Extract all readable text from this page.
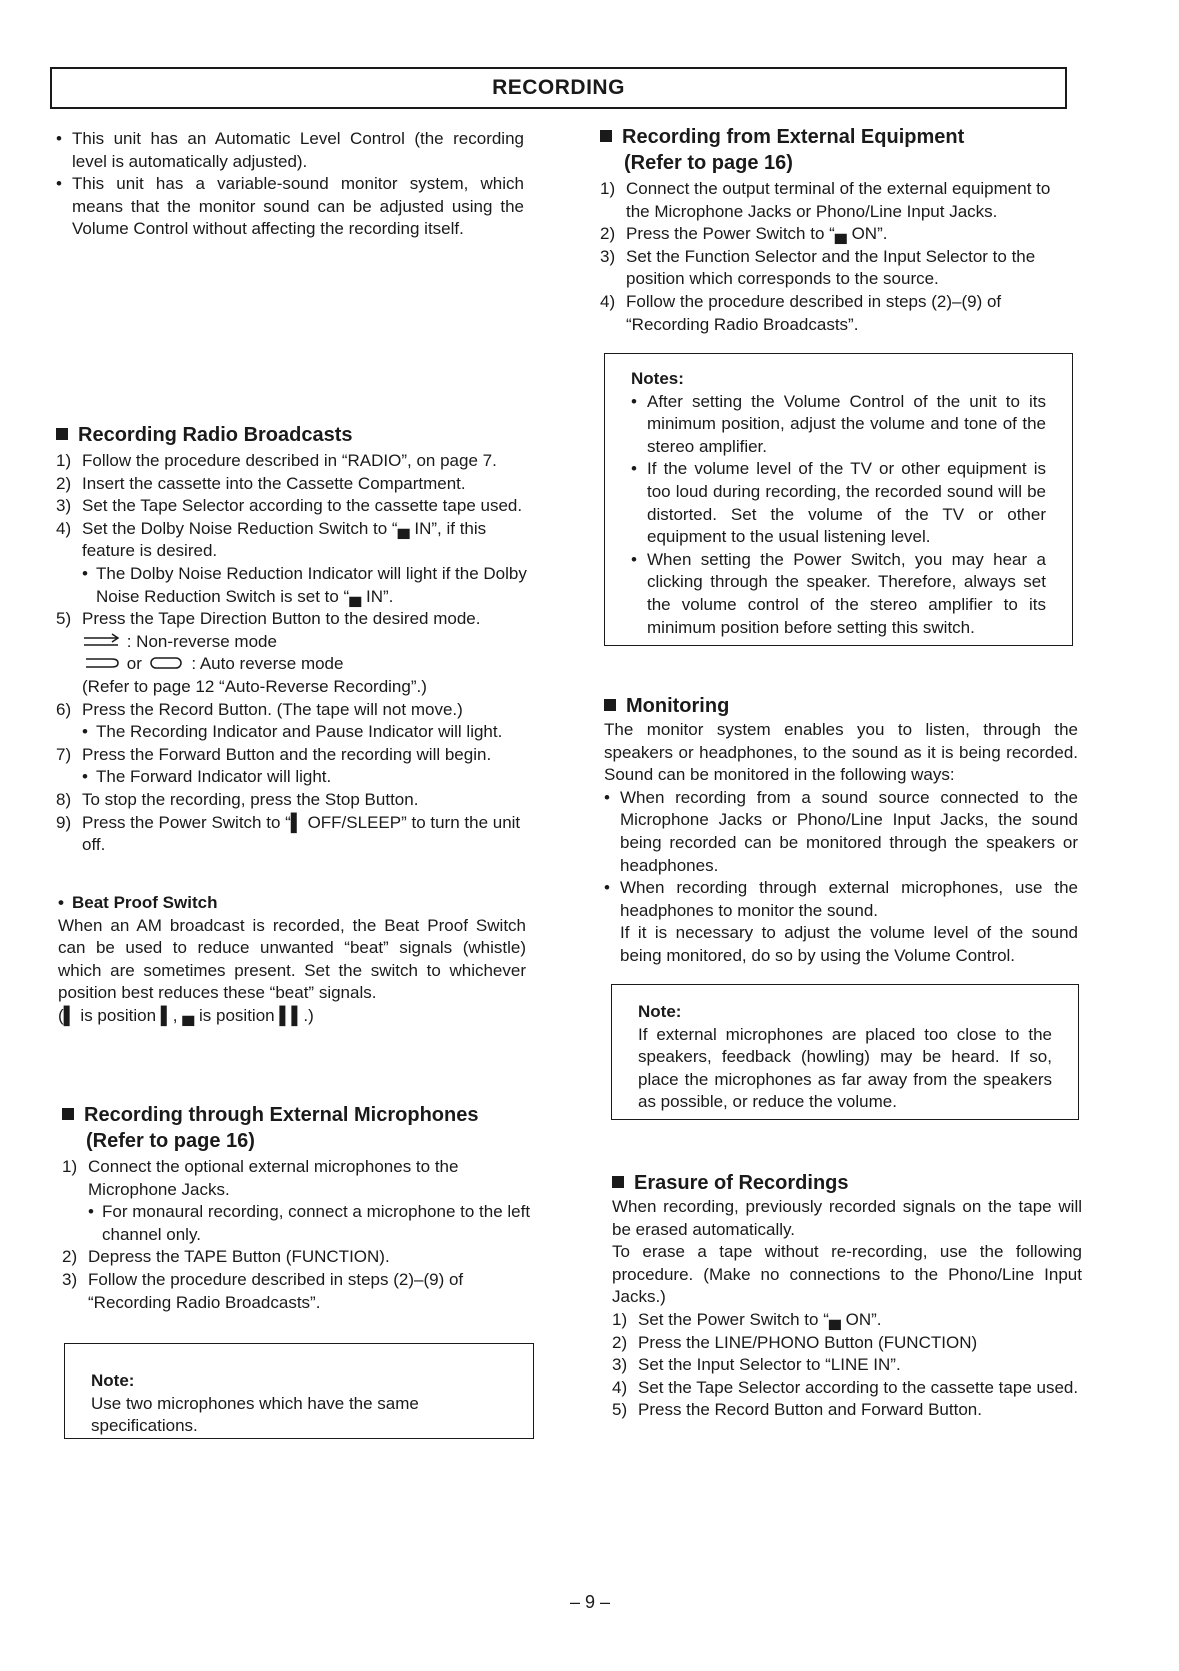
RECORDING
• This unit has an Automatic Level Control (the recording level is automatically adjusted).
• This unit has a variable-sound monitor system, which means that the monitor sound can be adjusted using the Volume Control without affecting the recording itself.

Recording Radio Broadcasts

1) Follow the procedure described in “RADIO”, on page 7.
2) Insert the cassette into the Cassette Compartment.
3) Set the Tape Selector according to the cassette tape used.
4) Set the Dolby Noise Reduction Switch to “▄ IN”, if this feature is desired.
• The Dolby Noise Reduction Indicator will light if the Dolby Noise Reduction Switch is set to “▄ IN”.
5) Press the Tape Direction Button to the desired mode.
: Non-reverse mode
or	: Auto reverse mode
(Refer to page 12 “Auto-Reverse Recording”.)
6) Press the Record Button. (The tape will not move.)
• The Recording Indicator and Pause Indicator will light.
7) Press the Forward Button and the recording will begin.
• The Forward Indicator will light.
8) To stop the recording, press the Stop Button.
9) Press the Power Switch to “▌ OFF/SLEEP” to turn the unit off.
• Beat Proof Switch

When an AM broadcast is recorded, the Beat Proof Switch can be used to reduce unwanted “beat” signals (whistle) which are sometimes present. Set the switch to whichever position best reduces these “beat” signals.

(▌ is position ▌, ▄ is position ▌▌.)

Recording through External Microphones
(Refer to page 16)

1) Connect the optional external microphones to the Microphone Jacks.
• For monaural recording, connect a microphone to the left channel only.
2) Depress the TAPE Button (FUNCTION).
3) Follow the procedure described in steps (2)–(9) of “Recording Radio Broadcasts”.
Note:
Use two microphones which have the same specifications.

Recording from External Equipment
(Refer to page 16)

1) Connect the output terminal of the external equipment to the Microphone Jacks or Phono/Line Input Jacks.
2) Press the Power Switch to “▄ ON”.
3) Set the Function Selector and the Input Selector to the position which corresponds to the source.
4) Follow the procedure described in steps (2)–(9) of “Recording Radio Broadcasts”.
Notes:
• After setting the Volume Control of the unit to its minimum position, adjust the volume and tone of the stereo amplifier.
• If the volume level of the TV or other equipment is too loud during recording, the recorded sound will be distorted. Set the volume of the TV or other equipment to the usual listening level.
• When setting the Power Switch, you may hear a clicking through the speaker. Therefore, always set the volume control of the stereo amplifier to its minimum position before setting this switch.

Monitoring

The monitor system enables you to listen, through the speakers or headphones, to the sound as it is being recorded. Sound can be monitored in the following ways:

• When recording from a sound source connected to the Microphone Jacks or Phono/Line Input Jacks, the sound being recorded can be monitored through the speakers or headphones.
• When recording through external microphones, use the headphones to monitor the sound.

If it is necessary to adjust the volume level of the sound being monitored, do so by using the Volume Control.

Note:
If external microphones are placed too close to the speakers, feedback (howling) may be heard. If so, place the microphones as far away from the speakers as possible, or reduce the volume.

Erasure of Recordings

When recording, previously recorded signals on the tape will be erased automatically.

To erase a tape without re-recording, use the following procedure. (Make no connections to the Phono/Line Input Jacks.)

1) Set the Power Switch to “▄ ON”.
2) Press the LINE/PHONO Button (FUNCTION)
3) Set the Input Selector to “LINE IN”.
4) Set the Tape Selector according to the cassette tape used.
5) Press the Record Button and Forward Button.
– 9 –
